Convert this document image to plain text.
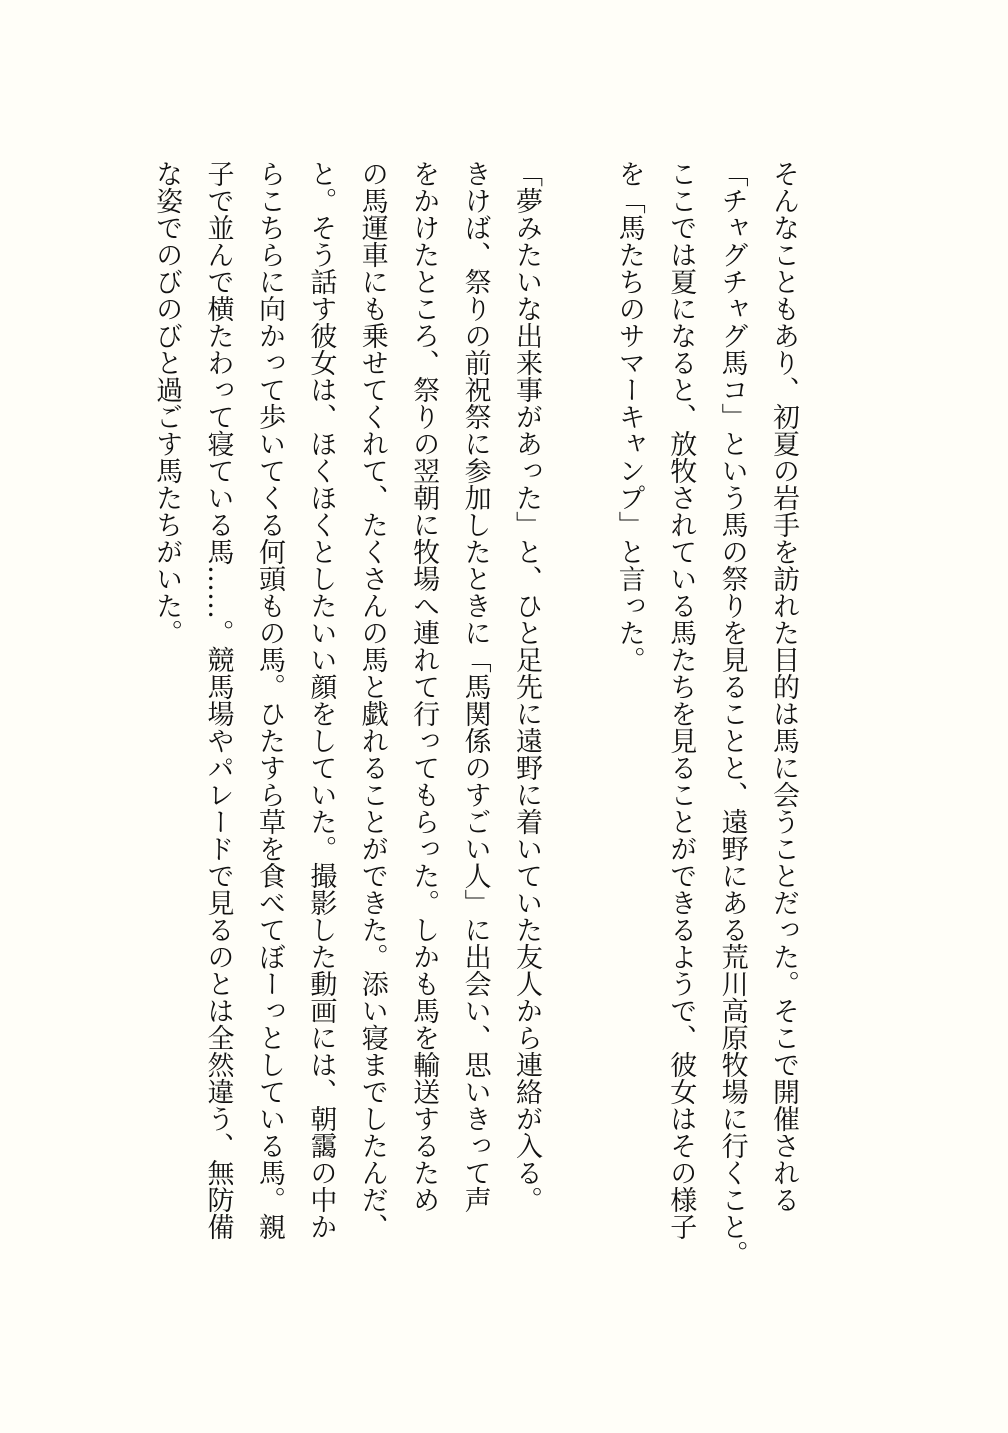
そんなこともあり、初夏の岩手を訪れた目的は馬に会うことだった。そこで開催される
「チャグチャグ馬コ」という馬の祭りを見ることと、遠野にある荒川高原牧場に行くこと。
ここでは夏になると、放牧されている馬たちを見ることができるようで、彼女はその様子
を「馬たちのサマーキャンプ」と言った。

「夢みたいな出来事があった」と、ひと足先に遠野に着いていた友人から連絡が入る。
きけば、祭りの前祝祭に参加したときに「馬関係のすごい人」に出会い、思いきって声
をかけたところ、祭りの翌朝に牧場へ連れて行ってもらった。しかも馬を輸送するため
の馬運車にも乗せてくれて、たくさんの馬と戯れることができた。添い寝までしたんだ、
と。そう話す彼女は、ほくほくとしたいい顔をしていた。撮影した動画には、朝靄の中か
らこちらに向かって歩いてくる何頭もの馬。ひたすら草を食べてぼーっとしている馬。親
子で並んで横たわって寝ている馬……。競馬場やパレードで見るのとは全然違う、無防備
な姿でのびのびと過ごす馬たちがいた。
